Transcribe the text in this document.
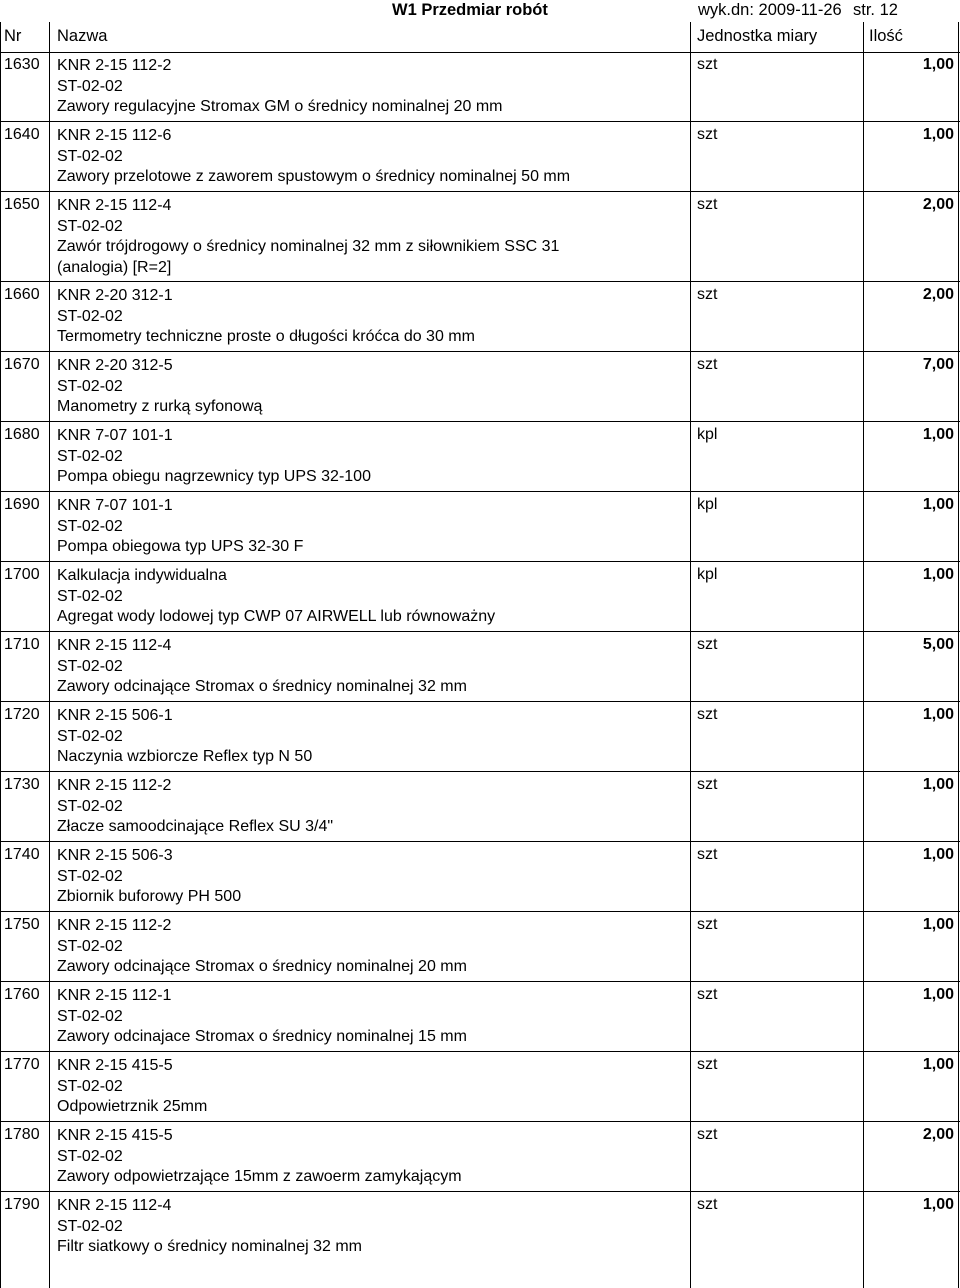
W1 Przedmiar robót	wyk.dn: 2009-11-26 str. 12
Nr Nazwa	Jednostka miary	Ilość
1630 KNR 2-15 112-2
ST-02-02
Zawory regulacyjne Stromax GM o średnicy nominalnej 20 mm
szt	1,00
1640 KNR 2-15 112-6
ST-02-02
Zawory przelotowe z zaworem spustowym o średnicy nominalnej 50 mm
szt	1,00
1650 KNR 2-15 112-4
ST-02-02
Zawór trójdrogowy o średnicy nominalnej 32 mm z siłownikiem SSC 31
(analogia) [R=2]
szt	2,00
1660 KNR 2-20 312-1
ST-02-02
Termometry techniczne proste o długości króćca do 30 mm
szt	2,00
1670 KNR 2-20 312-5
ST-02-02
Manometry z rurką syfonową
szt	7,00
1680 KNR 7-07 101-1
ST-02-02
Pompa obiegu nagrzewnicy typ UPS 32-100
kpl	1,00
1690 KNR 7-07 101-1
ST-02-02
Pompa obiegowa typ UPS 32-30 F
kpl	1,00
1700 Kalkulacja indywidualna
ST-02-02
Agregat wody lodowej typ CWP 07 AIRWELL lub równoważny
kpl	1,00
1710 KNR 2-15 112-4
ST-02-02
Zawory odcinające Stromax o średnicy nominalnej 32 mm
szt	5,00
1720 KNR 2-15 506-1
ST-02-02
Naczynia wzbiorcze Reflex typ N 50
szt	1,00
1730 KNR 2-15 112-2
ST-02-02
Złacze samoodcinające Reflex SU 3/4"
szt	1,00
1740 KNR 2-15 506-3
ST-02-02
Zbiornik buforowy PH 500
szt	1,00
1750 KNR 2-15 112-2
ST-02-02
Zawory odcinające Stromax o średnicy nominalnej 20 mm
szt	1,00
1760 KNR 2-15 112-1
ST-02-02
Zawory odcinajace Stromax o średnicy nominalnej 15 mm
szt	1,00
1770 KNR 2-15 415-5
ST-02-02
Odpowietrznik 25mm
szt	1,00
1780 KNR 2-15 415-5
ST-02-02
Zawory odpowietrzające 15mm z zawoerm zamykającym
szt	2,00
1790 KNR 2-15 112-4
ST-02-02
Filtr siatkowy o średnicy nominalnej 32 mm
szt	1,00
